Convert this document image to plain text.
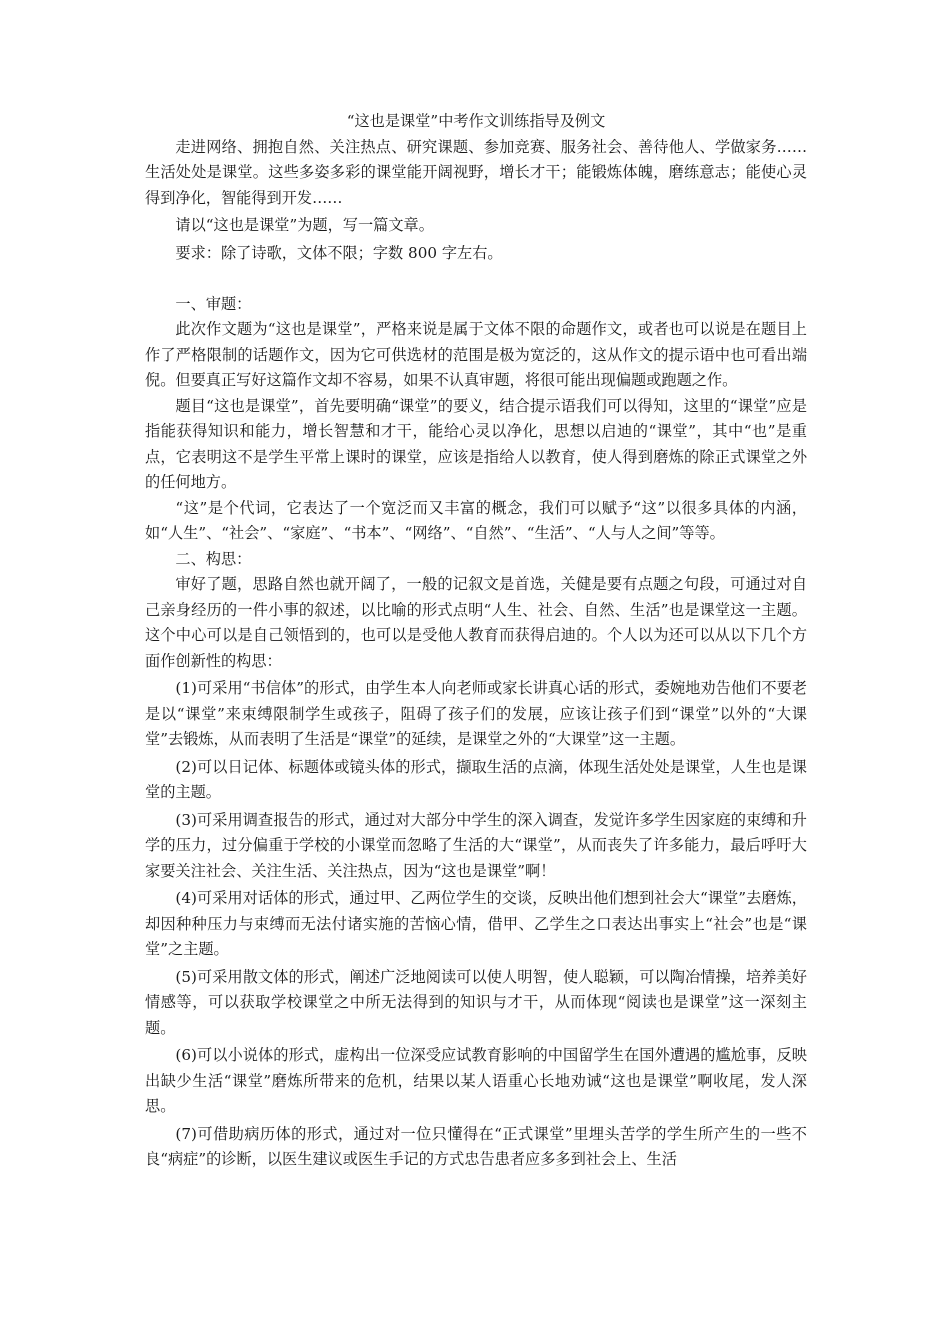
“这也是课堂”中考作文训练指导及例文

走进网络、拥抱自然、关注热点、研究课题、参加竞赛、服务社会、善待他人、学做家务……生活处处是课堂。这些多姿多彩的课堂能开阔视野，增长才干；能锻炼体魄，磨练意志；能使心灵得到净化，智能得到开发……

请以“这也是课堂”为题，写一篇文章。

要求：除了诗歌，文体不限；字数 800 字左右。

一、审题：

此次作文题为“这也是课堂”，严格来说是属于文体不限的命题作文，或者也可以说是在题目上作了严格限制的话题作文，因为它可供选材的范围是极为宽泛的，这从作文的提示语中也可看出端倪。但要真正写好这篇作文却不容易，如果不认真审题，将很可能出现偏题或跑题之作。

题目“这也是课堂”，首先要明确“课堂”的要义，结合提示语我们可以得知，这里的“课堂”应是指能获得知识和能力，增长智慧和才干，能给心灵以净化，思想以启迪的“课堂”，其中“也”是重点，它表明这不是学生平常上课时的课堂，应该是指给人以教育，使人得到磨炼的除正式课堂之外的任何地方。

“这”是个代词，它表达了一个宽泛而又丰富的概念，我们可以赋予“这”以很多具体的内涵，如“人生”、“社会”、“家庭”、“书本”、“网络”、“自然”、“生活”、“人与人之间”等等。

二、构思：

审好了题，思路自然也就开阔了，一般的记叙文是首选，关健是要有点题之句段，可通过对自己亲身经历的一件小事的叙述，以比喻的形式点明“人生、社会、自然、生活”也是课堂这一主题。这个中心可以是自己领悟到的，也可以是受他人教育而获得启迪的。个人以为还可以从以下几个方面作创新性的构思：

(1)可采用“书信体”的形式，由学生本人向老师或家长讲真心话的形式，委婉地劝告他们不要老是以“课堂”来束缚限制学生或孩子，阻碍了孩子们的发展，应该让孩子们到“课堂”以外的“大课堂”去锻炼，从而表明了生活是“课堂”的延续，是课堂之外的“大课堂”这一主题。

(2)可以日记体、标题体或镜头体的形式，撷取生活的点滴，体现生活处处是课堂，人生也是课堂的主题。

(3)可采用调查报告的形式，通过对大部分中学生的深入调查，发觉许多学生因家庭的束缚和升学的压力，过分偏重于学校的小课堂而忽略了生活的大“课堂”，从而丧失了许多能力，最后呼吁大家要关注社会、关注生活、关注热点，因为“这也是课堂”啊！

(4)可采用对话体的形式，通过甲、乙两位学生的交谈，反映出他们想到社会大“课堂”去磨炼，却因种种压力与束缚而无法付诸实施的苦恼心情，借甲、乙学生之口表达出事实上“社会”也是“课堂”之主题。

(5)可采用散文体的形式，阐述广泛地阅读可以使人明智，使人聪颖，可以陶冶情操，培养美好情感等，可以获取学校课堂之中所无法得到的知识与才干，从而体现“阅读也是课堂”这一深刻主题。

(6)可以小说体的形式，虚构出一位深受应试教育影响的中国留学生在国外遭遇的尴尬事，反映出缺少生活“课堂”磨炼所带来的危机，结果以某人语重心长地劝诫“这也是课堂”啊收尾，发人深思。

(7)可借助病历体的形式，通过对一位只懂得在“正式课堂”里埋头苦学的学生所产生的一些不良“病症”的诊断，以医生建议或医生手记的方式忠告患者应多多到社会上、生活
